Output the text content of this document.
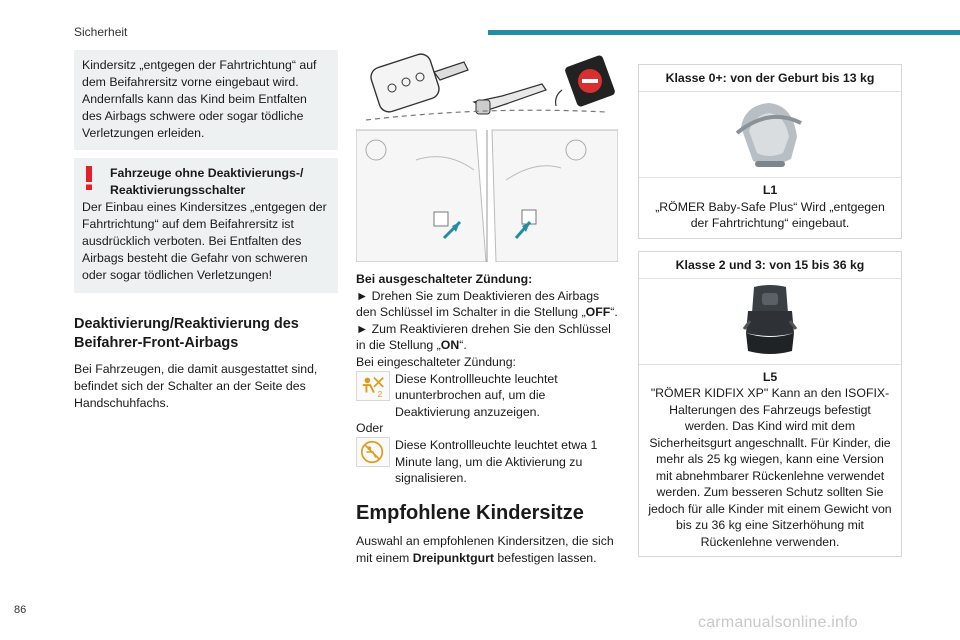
Sicherheit
Kindersitz „entgegen der Fahrtrichtung“ auf dem Beifahrersitz vorne eingebaut wird. Andernfalls kann das Kind beim Entfalten des Airbags schwere oder sogar tödliche Verletzungen erleiden.
Fahrzeuge ohne Deaktivierungs-/ Reaktivierungsschalter
Der Einbau eines Kindersitzes „entgegen der Fahrtrichtung“ auf dem Beifahrersitz ist ausdrücklich verboten. Bei Entfalten des Airbags besteht die Gefahr von schweren oder sogar tödlichen Verletzungen!
Deaktivierung/Reaktivierung des Beifahrer-Front-Airbags
Bei Fahrzeugen, die damit ausgestattet sind, befindet sich der Schalter an der Seite des Handschuhfachs.
Bei ausgeschalteter Zündung:
► Drehen Sie zum Deaktivieren des Airbags den Schlüssel im Schalter in die Stellung „OFF“.
► Zum Reaktivieren drehen Sie den Schlüssel in die Stellung „ON“.
Bei eingeschalteter Zündung:
2
Diese Kontrollleuchte leuchtet ununterbrochen auf, um die Deaktivierung anzuzeigen.
Oder
Diese Kontrollleuchte leuchtet etwa 1 Minute lang, um die Aktivierung zu signalisieren.
Empfohlene Kindersitze
Auswahl an empfohlenen Kindersitzen, die sich mit einem Dreipunktgurt befestigen lassen.
Klasse 0+: von der Geburt bis 13 kg
L1
„RÖMER Baby-Safe Plus“ Wird „entgegen der Fahrtrichtung“ eingebaut.
Klasse 2 und 3: von 15 bis 36 kg
L5
"RÖMER KIDFIX XP" Kann an den ISOFIX-Halterungen des Fahrzeugs befestigt werden. Das Kind wird mit dem Sicherheitsgurt angeschnallt. Für Kinder, die mehr als 25 kg wiegen, kann eine Version mit abnehmbarer Rückenlehne verwendet werden. Zum besseren Schutz sollten Sie jedoch für alle Kinder mit einem Gewicht von bis zu 36 kg eine Sitzerhöhung mit Rückenlehne verwenden.
86
carmanualsonline.info
